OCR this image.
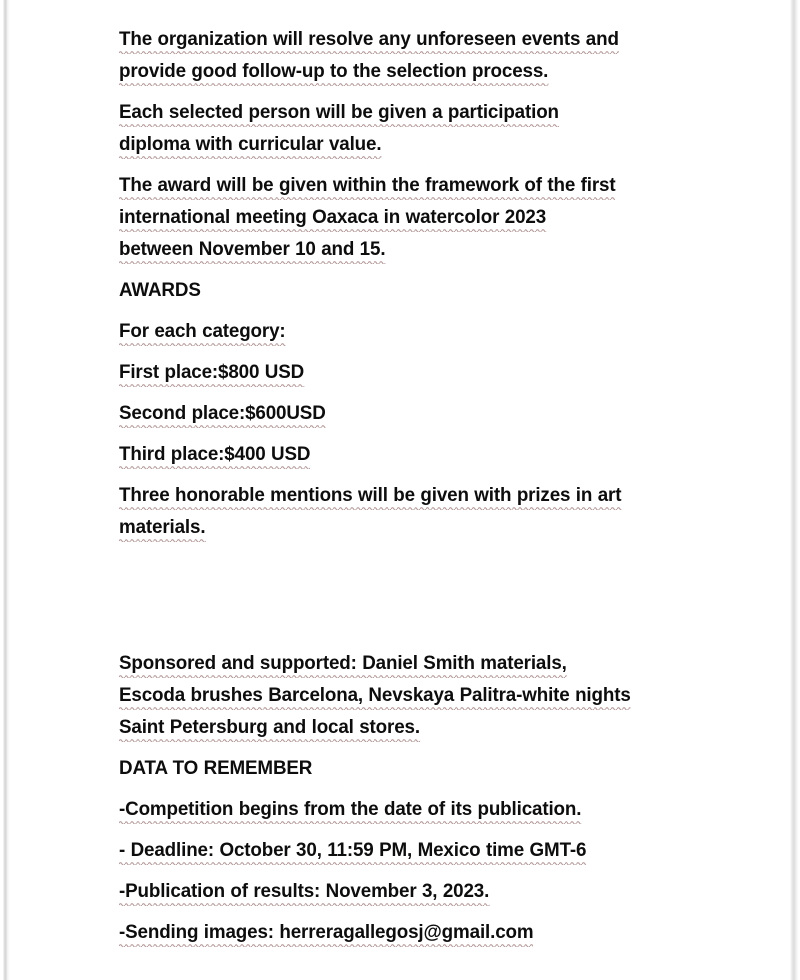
The organization will resolve any unforeseen events and
provide good follow-up to the selection process.

Each selected person will be given a participation
diploma with curricular value.

The award will be given within the framework of the first
international meeting Oaxaca in watercolor 2023
between November 10 and 15.

AWARDS

For each category:

First place:$800 USD

Second place:$600USD

Third place:$400 USD

Three honorable mentions will be given with prizes in art
materials.

Sponsored and supported: Daniel Smith materials,
Escoda brushes Barcelona, Nevskaya Palitra-white nights
Saint Petersburg and local stores.

DATA TO REMEMBER

-Competition begins from the date of its publication.

- Deadline: October 30, 11:59 PM, Mexico time GMT-6

-Publication of results: November 3, 2023.

-Sending images: herreragallegosj@gmail.com
